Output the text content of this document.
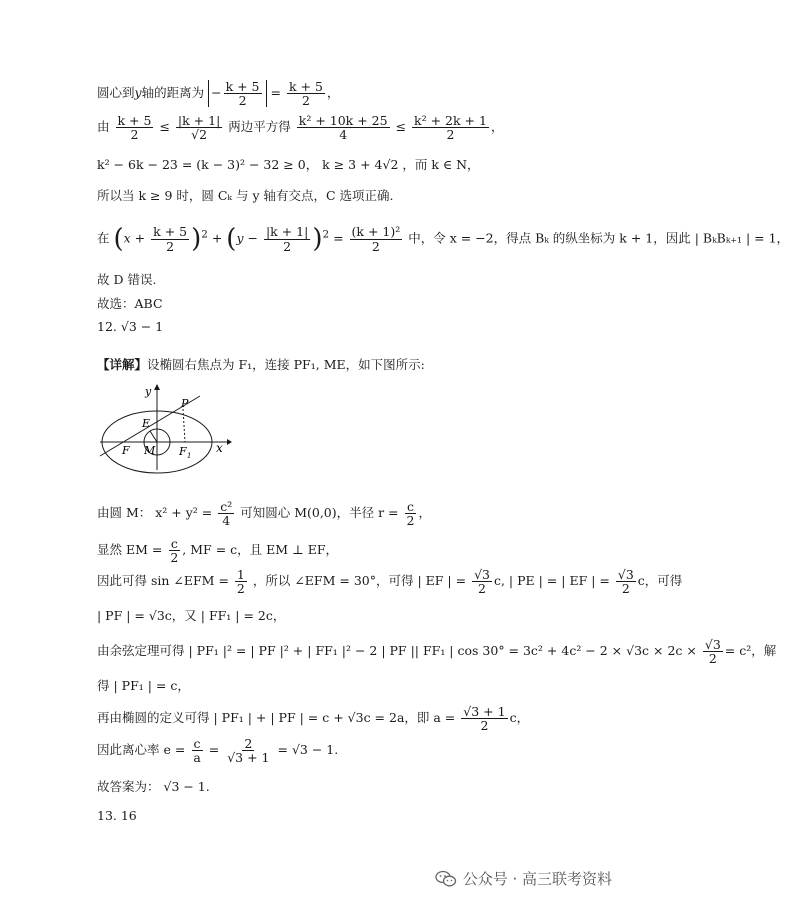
圆心到y轴的距离为 − $\frac{k + 5}{2} = \frac{k + 5}{2}$ ，
由 $\frac{k + 5}{2} \le \frac{|k + 1|}{√2}$ 两边平方得 $\frac{\text{k² + 10k + 25}}{4} \le \frac{\text{k² + 2k + 1}}{2}$ ，
k² − 6k − 23 = (k − 3)² − 32 ≥ 0， k ≥ 3 + 4√2 ，而 k ∈ N，
所以当 k ≥ 9 时，圆 Cₖ 与 y 轴有交点，C 选项正确.
在 $(x + \frac{k + 5}{2} )^2 + (y - \frac{|k + 1|}{2} )^2 = \frac{\text{(k + 1)²}}{2}$ 中，令 x = −2，得点 Bₖ 的纵坐标为 k + 1，因此 | BₖBₖ₊₁ | = 1，
故 D 错误.
故选：ABC
12. √3 − 1
【详解】设椭圆右焦点为 F₁，连接 PF₁, ME，如下图所示:
y
x
P
E
F M F 1
由圆 M： $x^2 + y^2 = \frac{\text{c²}}{4}$ 可知圆心 M(0,0)，半径 $r = \frac{c}{2}$ ，
显然 EM = $\frac{c}{2}$ , MF = c，且 EM ⊥ EF，
因此可得 sin ∠EFM = $\frac{1}{2}$ ，所以 ∠EFM = 30°，可得 | EF | = $\frac{√3}{2} c$, | PE | = | EF | = $\frac{√3}{2}$ c，可得
| PF | = √3c，又 | FF₁ | = 2c，
由余弦定理可得 | PF₁ |² = | PF |² + | FF₁ |² − 2 | PF || FF₁ | $\cos 30^\circ = 3c^2 + 4c^2 - 2 \times √3c \times 2c \times \frac{√3}{2} = c^2$，解
得 | PF₁ | = c，
再由椭圆的定义可得 | PF₁ | + | PF | = c + √3c = 2a，即 $a = \frac{√3 + 1}{2}$ c，
因此离心率 $e = \frac{c}{a} = \frac{2}{√3 + 1} = √3 - 1$.
故答案为： √3 − 1.
13. 16
公众号 · 高三联考资料
